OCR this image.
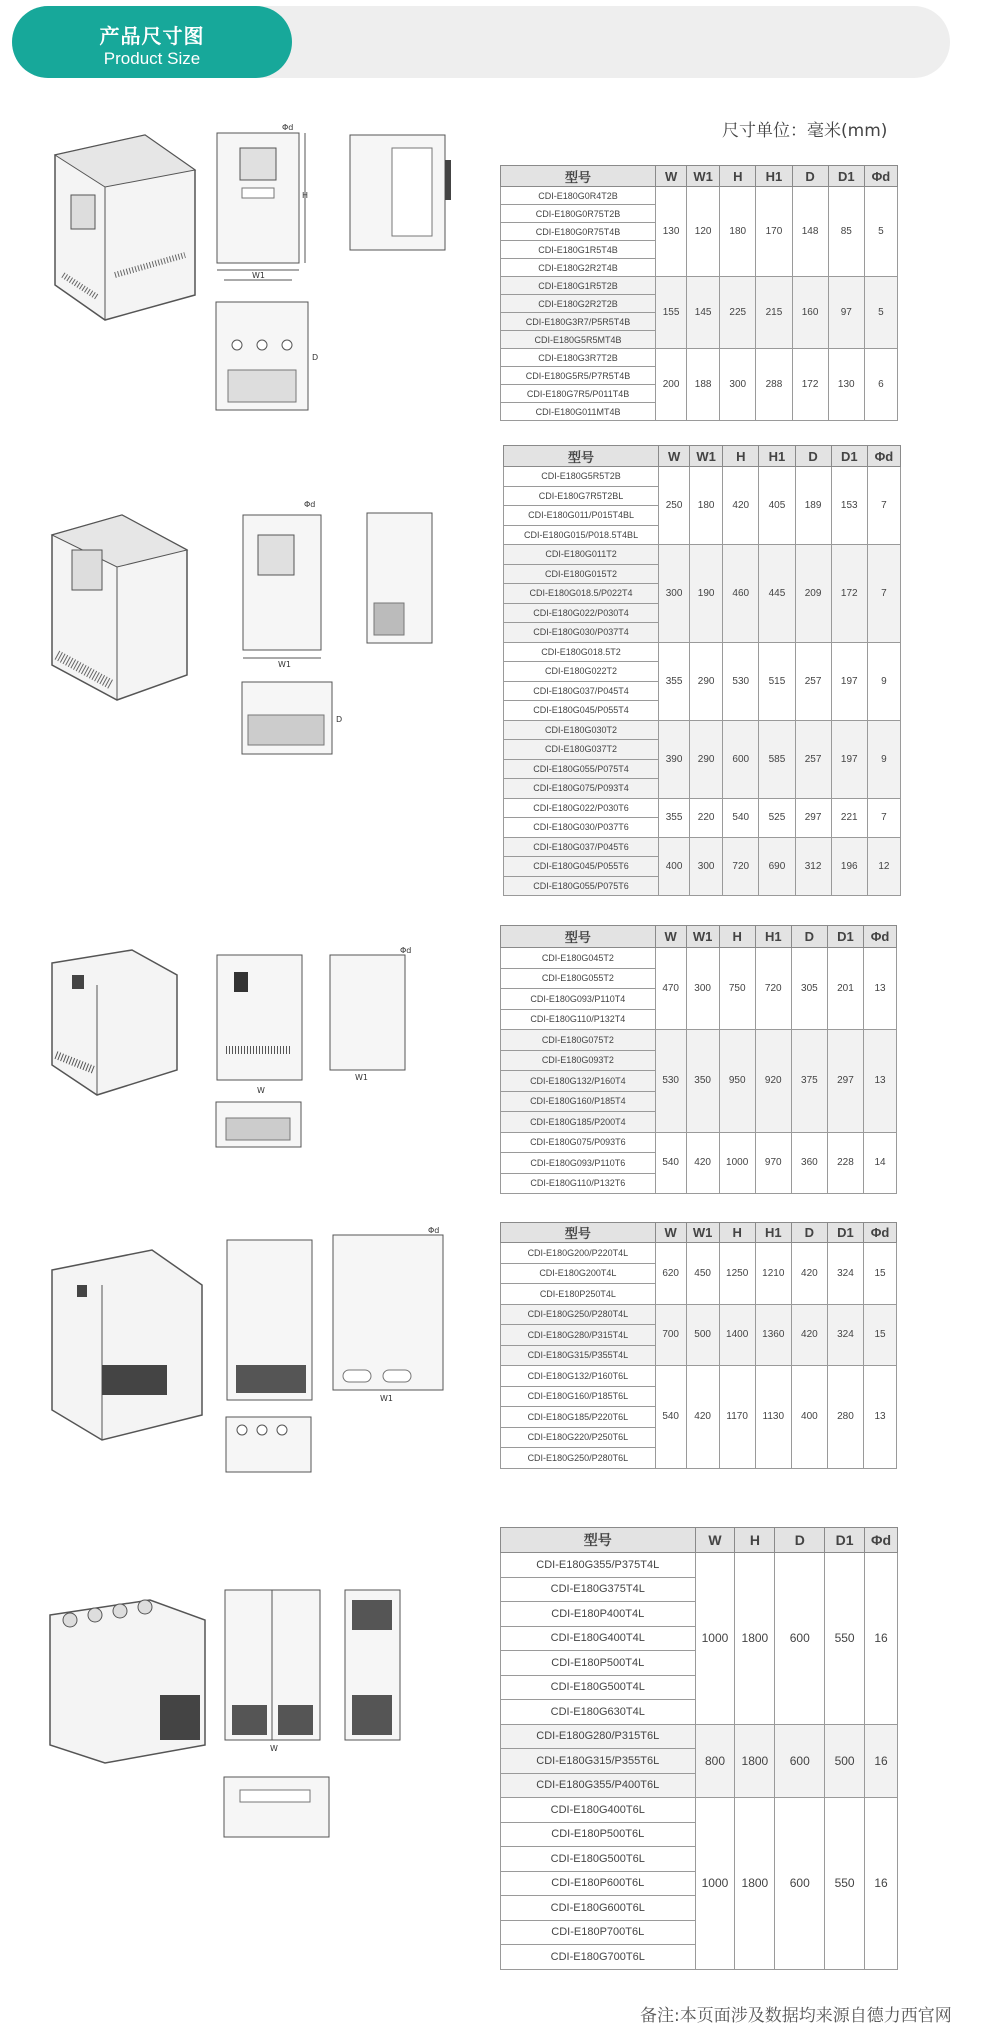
产品尺寸图
Product Size
尺寸单位：毫米(mm)
W1
Φd
H
D
W1
Φd
D
W
Φd
W1
Φd
W1
W
型号	W	W1	H	H1	D	D1	Φd
CDI-E180G0R4T2B	130	120	180	170	148	85	5
CDI-E180G0R75T2B							
CDI-E180G0R75T4B							
CDI-E180G1R5T4B							
CDI-E180G2R2T4B							
CDI-E180G1R5T2B	155	145	225	215	160	97	5
CDI-E180G2R2T2B							
CDI-E180G3R7/P5R5T4B							
CDI-E180G5R5MT4B							
CDI-E180G3R7T2B	200	188	300	288	172	130	6
CDI-E180G5R5/P7R5T4B							
CDI-E180G7R5/P011T4B							
CDI-E180G011MT4B							
型号	W	W1	H	H1	D	D1	Φd
CDI-E180G5R5T2B	250	180	420	405	189	153	7
CDI-E180G7R5T2BL							
CDI-E180G011/P015T4BL							
CDI-E180G015/P018.5T4BL							
CDI-E180G011T2	300	190	460	445	209	172	7
CDI-E180G015T2							
CDI-E180G018.5/P022T4							
CDI-E180G022/P030T4							
CDI-E180G030/P037T4							
CDI-E180G018.5T2	355	290	530	515	257	197	9
CDI-E180G022T2							
CDI-E180G037/P045T4							
CDI-E180G045/P055T4							
CDI-E180G030T2	390	290	600	585	257	197	9
CDI-E180G037T2							
CDI-E180G055/P075T4							
CDI-E180G075/P093T4							
CDI-E180G022/P030T6	355	220	540	525	297	221	7
CDI-E180G030/P037T6							
CDI-E180G037/P045T6	400	300	720	690	312	196	12
CDI-E180G045/P055T6							
CDI-E180G055/P075T6							
型号	W	W1	H	H1	D	D1	Φd
CDI-E180G045T2	470	300	750	720	305	201	13
CDI-E180G055T2							
CDI-E180G093/P110T4							
CDI-E180G110/P132T4							
CDI-E180G075T2	530	350	950	920	375	297	13
CDI-E180G093T2							
CDI-E180G132/P160T4							
CDI-E180G160/P185T4							
CDI-E180G185/P200T4							
CDI-E180G075/P093T6	540	420	1000	970	360	228	14
CDI-E180G093/P110T6							
CDI-E180G110/P132T6							
型号	W	W1	H	H1	D	D1	Φd
CDI-E180G200/P220T4L	620	450	1250	1210	420	324	15
CDI-E180G200T4L							
CDI-E180P250T4L							
CDI-E180G250/P280T4L	700	500	1400	1360	420	324	15
CDI-E180G280/P315T4L							
CDI-E180G315/P355T4L							
CDI-E180G132/P160T6L	540	420	1170	1130	400	280	13
CDI-E180G160/P185T6L							
CDI-E180G185/P220T6L							
CDI-E180G220/P250T6L							
CDI-E180G250/P280T6L							
型号	W	H	D	D1	Φd
CDI-E180G355/P375T4L	1000	1800	600	550	16
CDI-E180G375T4L					
CDI-E180P400T4L					
CDI-E180G400T4L					
CDI-E180P500T4L					
CDI-E180G500T4L					
CDI-E180G630T4L					
CDI-E180G280/P315T6L	800	1800	600	500	16
CDI-E180G315/P355T6L					
CDI-E180G355/P400T6L					
CDI-E180G400T6L	1000	1800	600	550	16
CDI-E180P500T6L					
CDI-E180G500T6L					
CDI-E180P600T6L					
CDI-E180G600T6L					
CDI-E180P700T6L					
CDI-E180G700T6L					
备注:本页面涉及数据均来源自德力西官网
